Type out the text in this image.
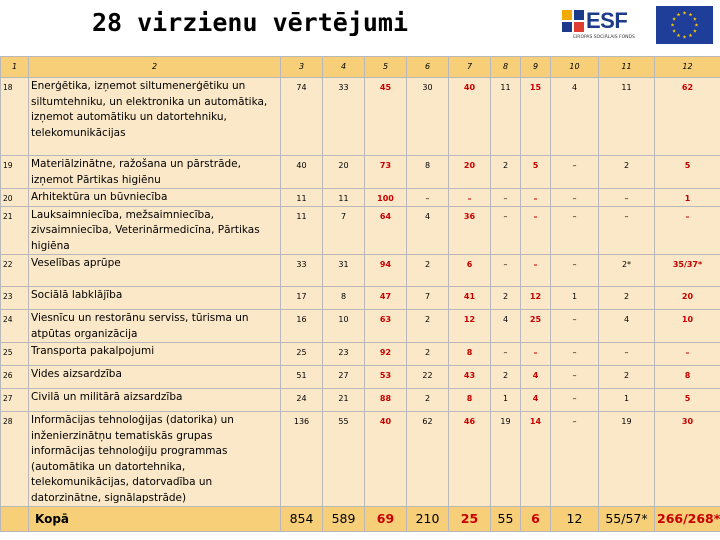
28 virzienu vērtējumi	ESF
EIROPAS SOCIĀLAIS FONDS
1	2	3	4	5	6	7	8	9	10	11	12
18	Enerģētika, izņemot siltumenerģētiku un siltumtehniku, un elektronika un automātika, izņemot automātiku un datortehniku, telekomunikācijas	74	33	45	30	40	11	15	4	11	62
19	Materiālzinātne, ražošana un pārstrāde, izņemot Pārtikas higiēnu	40	20	73	8	20	2	5	–	2	5
20	Arhitektūra un būvniecība	11	11	100	–	–	–	–	–	–	1
21	Lauksaimniecība, mežsaimniecība, zivsaimniecība, Veterinārmedicīna, Pārtikas higiēna	11	7	64	4	36	–	–	–	–	–
22	Veselības aprūpe	33	31	94	2	6	–	–	–	2*	35/37*
23	Sociālā labklājība	17	8	47	7	41	2	12	1	2	20
24	Viesnīcu un restorānu serviss, tūrisma un atpūtas organizācija	16	10	63	2	12	4	25	–	4	10
25	Transporta pakalpojumi	25	23	92	2	8	–	–	–	–	–
26	Vides aizsardzība	51	27	53	22	43	2	4	–	2	8
27	Civilā un militārā aizsardzība	24	21	88	2	8	1	4	–	1	5
28	Informācijas tehnoloģijas (datorika) un inženierzinātņu tematiskās grupas informācijas tehnoloģiju programmas (automātika un datortehnika, telekomunikācijas, datorvadība un datorzinātne, signālapstrāde)	136	55	40	62	46	19	14	–	19	30
	Kopā	854	589	69	210	25	55	6	12	55/57*	266/268*
